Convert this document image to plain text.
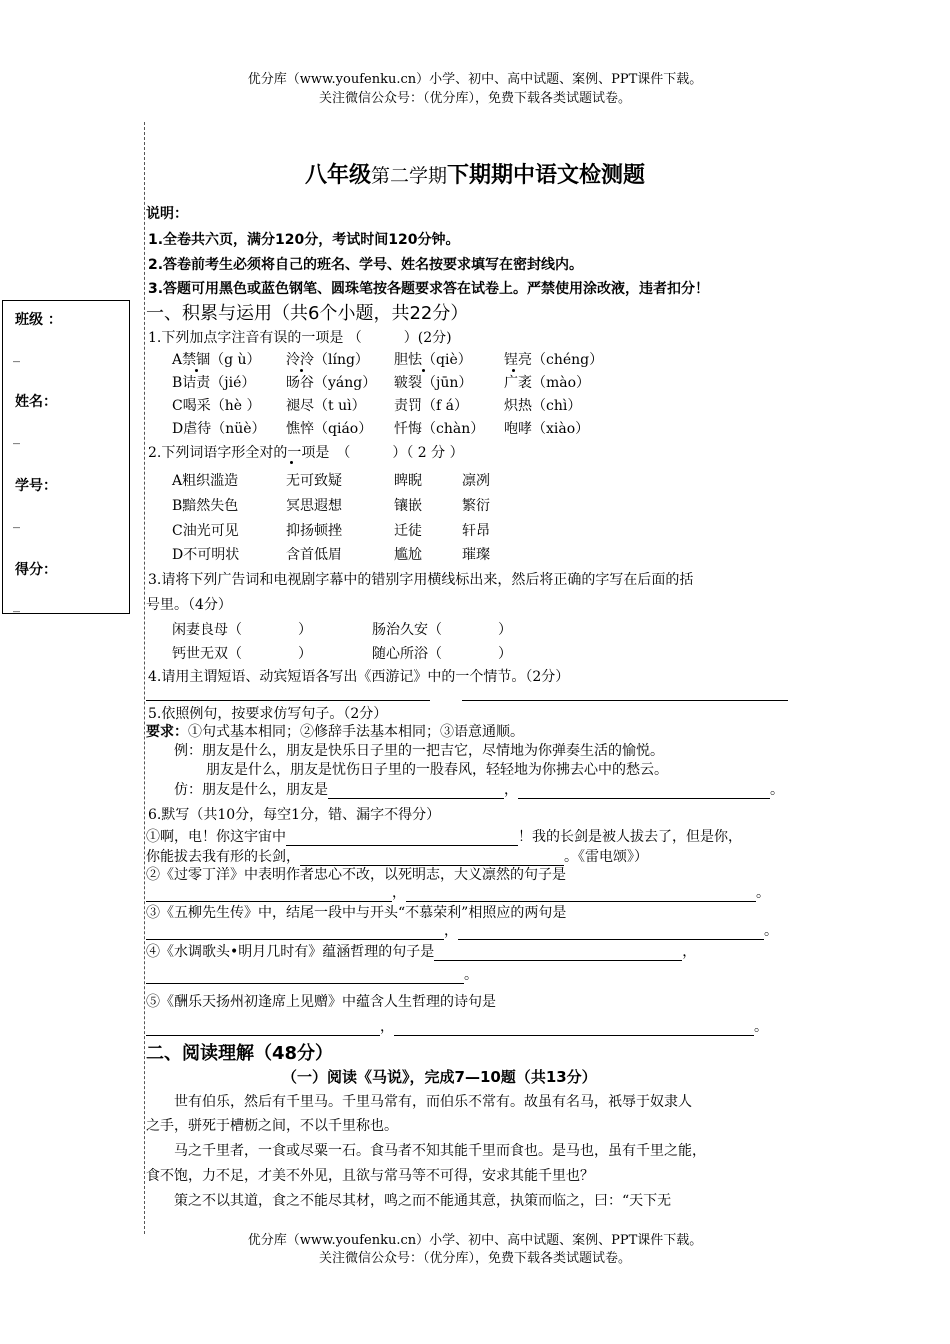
优分库（www.youfenku.cn）小学、初中、高中试题、案例、PPT课件下载。
关注微信公众号：（优分库），免费下载各类试题试卷。
八年级第二学期下期期中语文检测题
班级 ：
_
姓名：
_
学号：
_
得分：
_
说明：
1.全卷共六页，满分120分，考试时间120分钟。
2.答卷前考生必须将自己的班名、学号、姓名按要求填写在密封线内。
3.答题可用黑色或蓝色钢笔、圆珠笔按各题要求答在试卷上。严禁使用涂改液，违者扣分！
一、积累与运用（共6个小题，共22分）
1.下列加点字注音有误的一项是 （　　　）(2分)
A禁锢（g ù） 泠泠（líng） 胆怯（qiè） 锃亮（chéng）
B诘责（jié） 旸谷（yáng） 皲裂（jūn） 广袤（mào）
C喝采（hè ） 褪尽（t uì） 责罚（f á）	炽热（chì）
D虐待（nüè） 憔悴（qiáo） 忏悔（chàn） 咆哮（xiào）
2.下列词语字形全对的一项是　（　　　）（ 2 分 ）
A粗织滥造	无可致疑	睥睨	凛冽
B黯然失色	冥思遐想	镶嵌	繁衍
C油光可见	抑扬顿挫	迁徒	轩昂
D不可明状	含首低眉	尴尬	璀璨
3.请将下列广告词和电视剧字幕中的错别字用横线标出来，然后将正确的字写在后面的括
号里。（4分）
闲妻良母（　　　　）	肠治久安（　　　　）
钙世无双（　　　　）	随心所浴（　　　　）
4.请用主谓短语、动宾短语各写出《西游记》中的一个情节。（2分）
5.依照例句，按要求仿写句子。（2分）
要求：①句式基本相同；②修辞手法基本相同；③语意通顺。
例：朋友是什么，朋友是快乐日子里的一把吉它，尽情地为你弹奏生活的愉悦。
朋友是什么，朋友是忧伤日子里的一股春风，轻轻地为你拂去心中的愁云。
仿：朋友是什么，朋友是	，	。
6.默写（共10分，每空1分，错、漏字不得分）
①啊，电！你这宇宙中	！我的长剑是被人拔去了，但是你，
你能拔去我有形的长剑，	。《雷电颂》）
②《过零丁洋》中表明作者忠心不改，以死明志，大义凛然的句子是
，	。
③《五柳先生传》中，结尾一段中与开头“不慕荣利”相照应的两句是
，	。
④《水调歌头•明月几时有》蕴涵哲理的句子是	，
。
⑤《酬乐天扬州初逢席上见赠》中蕴含人生哲理的诗句是
，	。
二、阅读理解（48分）
（一）阅读《马说》，完成7—10题（共13分）
世有伯乐，然后有千里马。千里马常有，而伯乐不常有。故虽有名马，祇辱于奴隶人
之手，骈死于槽枥之间，不以千里称也。
马之千里者，一食或尽粟一石。食马者不知其能千里而食也。是马也，虽有千里之能，
食不饱，力不足，才美不外见，且欲与常马等不可得，安求其能千里也？
策之不以其道，食之不能尽其材，鸣之而不能通其意，执策而临之，曰：“天下无
优分库（www.youfenku.cn）小学、初中、高中试题、案例、PPT课件下载。
关注微信公众号：（优分库），免费下载各类试题试卷。
